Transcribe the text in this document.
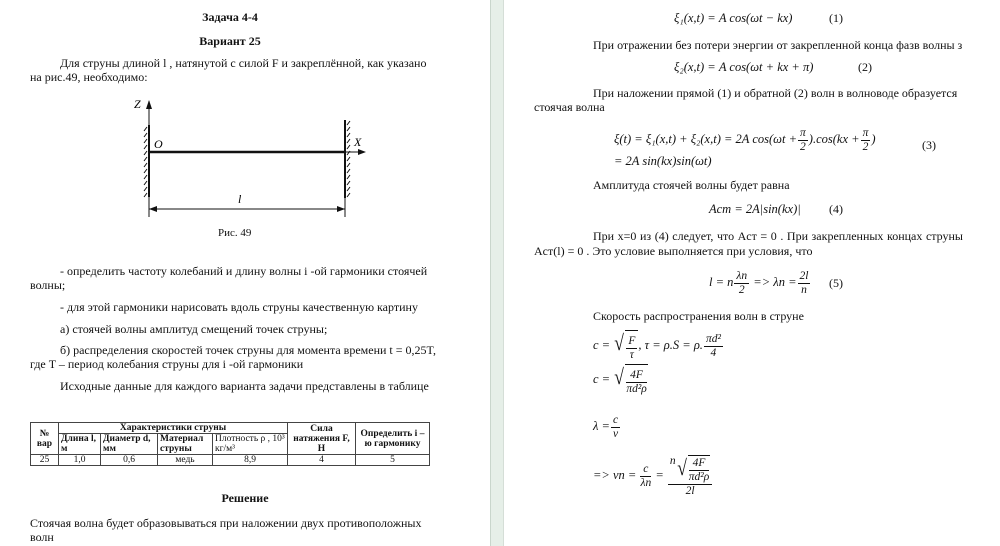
Задача 4-4
Вариант 25
Для струны длиной l , натянутой с силой F и закреплённой, как указано
на рис.49, необходимо:
Z
O	X
l
Рис. 49
- определить частоту колебаний и длину волны i -ой гармоники стоячей
волны;
- для этой гармоники нарисовать вдоль струны качественную картину
а) стоячей волны амплитуд смещений точек струны;
б) распределения скоростей точек струны для момента времени t = 0,25T,
где T – период колебания струны для i -ой гармоники
Исходные данные для каждого варианта задачи представлены в таблице
№ вар	Характеристики струны				Сила натяжения F, H	Определить i – ю гармонику
	Длина l, м	Диаметр d, мм	Материал струны	Плотность ρ , 10³ кг/м³		
25	1,0	0,6	медь	8,9	4	5
Решение
Стоячая волна будет образовываться при наложении двух противоположных
волн
ξ₁(x,t) = A cos(ωt − kx)	(1)
При отражении без потери энергии от закрепленной конца фазв волны з
ξ₂(x,t) = A cos(ωt + kx + π)	(2)
При наложении прямой (1) и обратной (2) волн в волноводе образуется
стоячая волна
ξ(t) = ξ₁(x,t) + ξ₂(x,t) = 2A $\cos(\omega t + \frac{\pi}{2} ).\cos(kx + \frac{\pi}{2}$ )	(3)
= 2A sin(kx)sin(ωt)
Амплитуда стоячей волны будет равна
Aст = 2A|sin(kx)| (4)
При x=0 из (4) следует, что Aст = 0 . При закрепленных концах струны
Aст(l) = 0 . Это условие выполняется при условия, что
l = n $\frac{\lambda n}{2} => \lambda n = \frac{2l}{n} (5)$
Скорость распространения волн в струне
c = √ $\frac{F}{\tau}$ , τ = ρ.S = ρ. $\frac{\text{πd²}}{4}$
c = √ $\frac{4F}{\text{πd²ρ}}$
$\lambda = \frac{c}{\nu}$
=> $\nu n = \frac{c}{\lambda n} = \frac{n √ \frac{4F}{\text{πd²ρ}}}{2l}$
